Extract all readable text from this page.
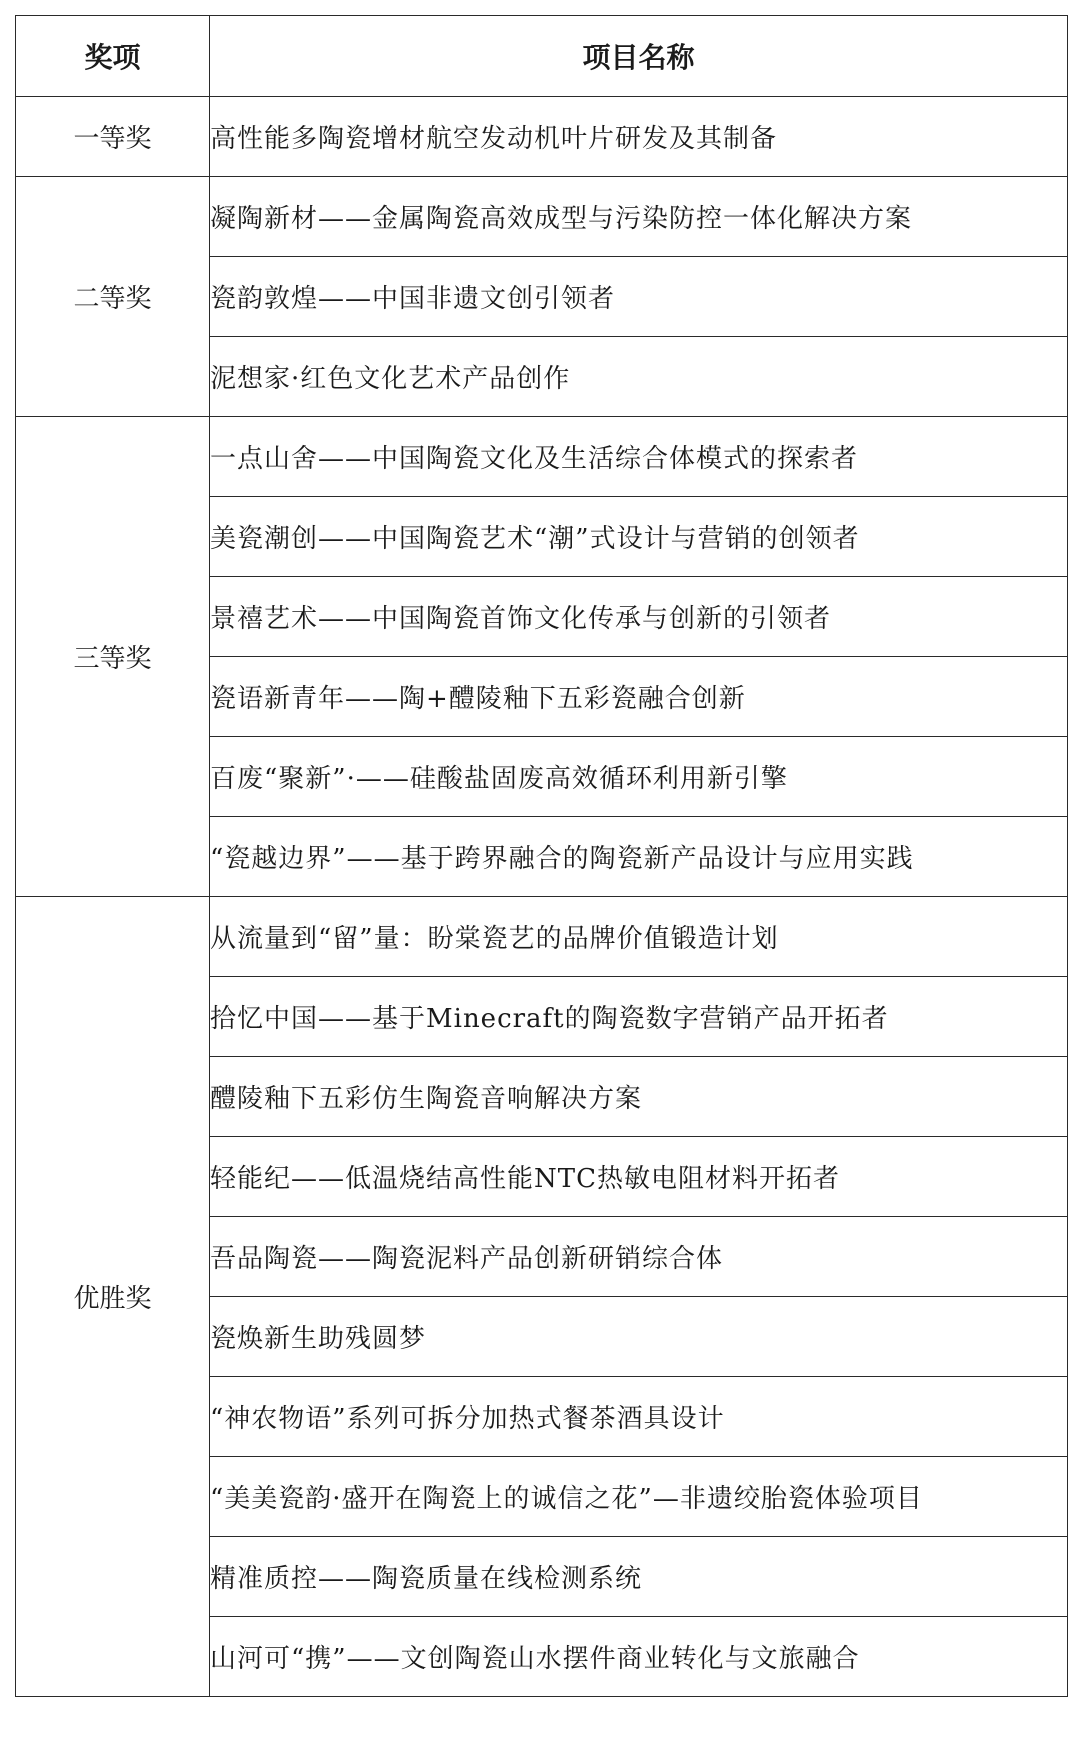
奖项	项目名称
一等奖	高性能多陶瓷增材航空发动机叶片研发及其制备
二等奖	凝陶新材——金属陶瓷高效成型与污染防控一体化解决方案
	瓷韵敦煌——中国非遗文创引领者
	泥想家·红色文化艺术产品创作
三等奖	一点山舍——中国陶瓷文化及生活综合体模式的探索者
	美瓷潮创——中国陶瓷艺术“潮”式设计与营销的创领者
	景禧艺术——中国陶瓷首饰文化传承与创新的引领者
	瓷语新青年——陶+醴陵釉下五彩瓷融合创新
	百废“聚新”·——硅酸盐固废高效循环利用新引擎
	“瓷越边界”——基于跨界融合的陶瓷新产品设计与应用实践
优胜奖	从流量到“留”量：盼棠瓷艺的品牌价值锻造计划
	拾忆中国——基于Minecraft的陶瓷数字营销产品开拓者
	醴陵釉下五彩仿生陶瓷音响解决方案
	轻能纪——低温烧结高性能NTC热敏电阻材料开拓者
	吾品陶瓷——陶瓷泥料产品创新研销综合体
	瓷焕新生助残圆梦
	“神农物语”系列可拆分加热式餐茶酒具设计
	“美美瓷韵·盛开在陶瓷上的诚信之花”—非遗绞胎瓷体验项目
	精准质控——陶瓷质量在线检测系统
	山河可“携”——文创陶瓷山水摆件商业转化与文旅融合
